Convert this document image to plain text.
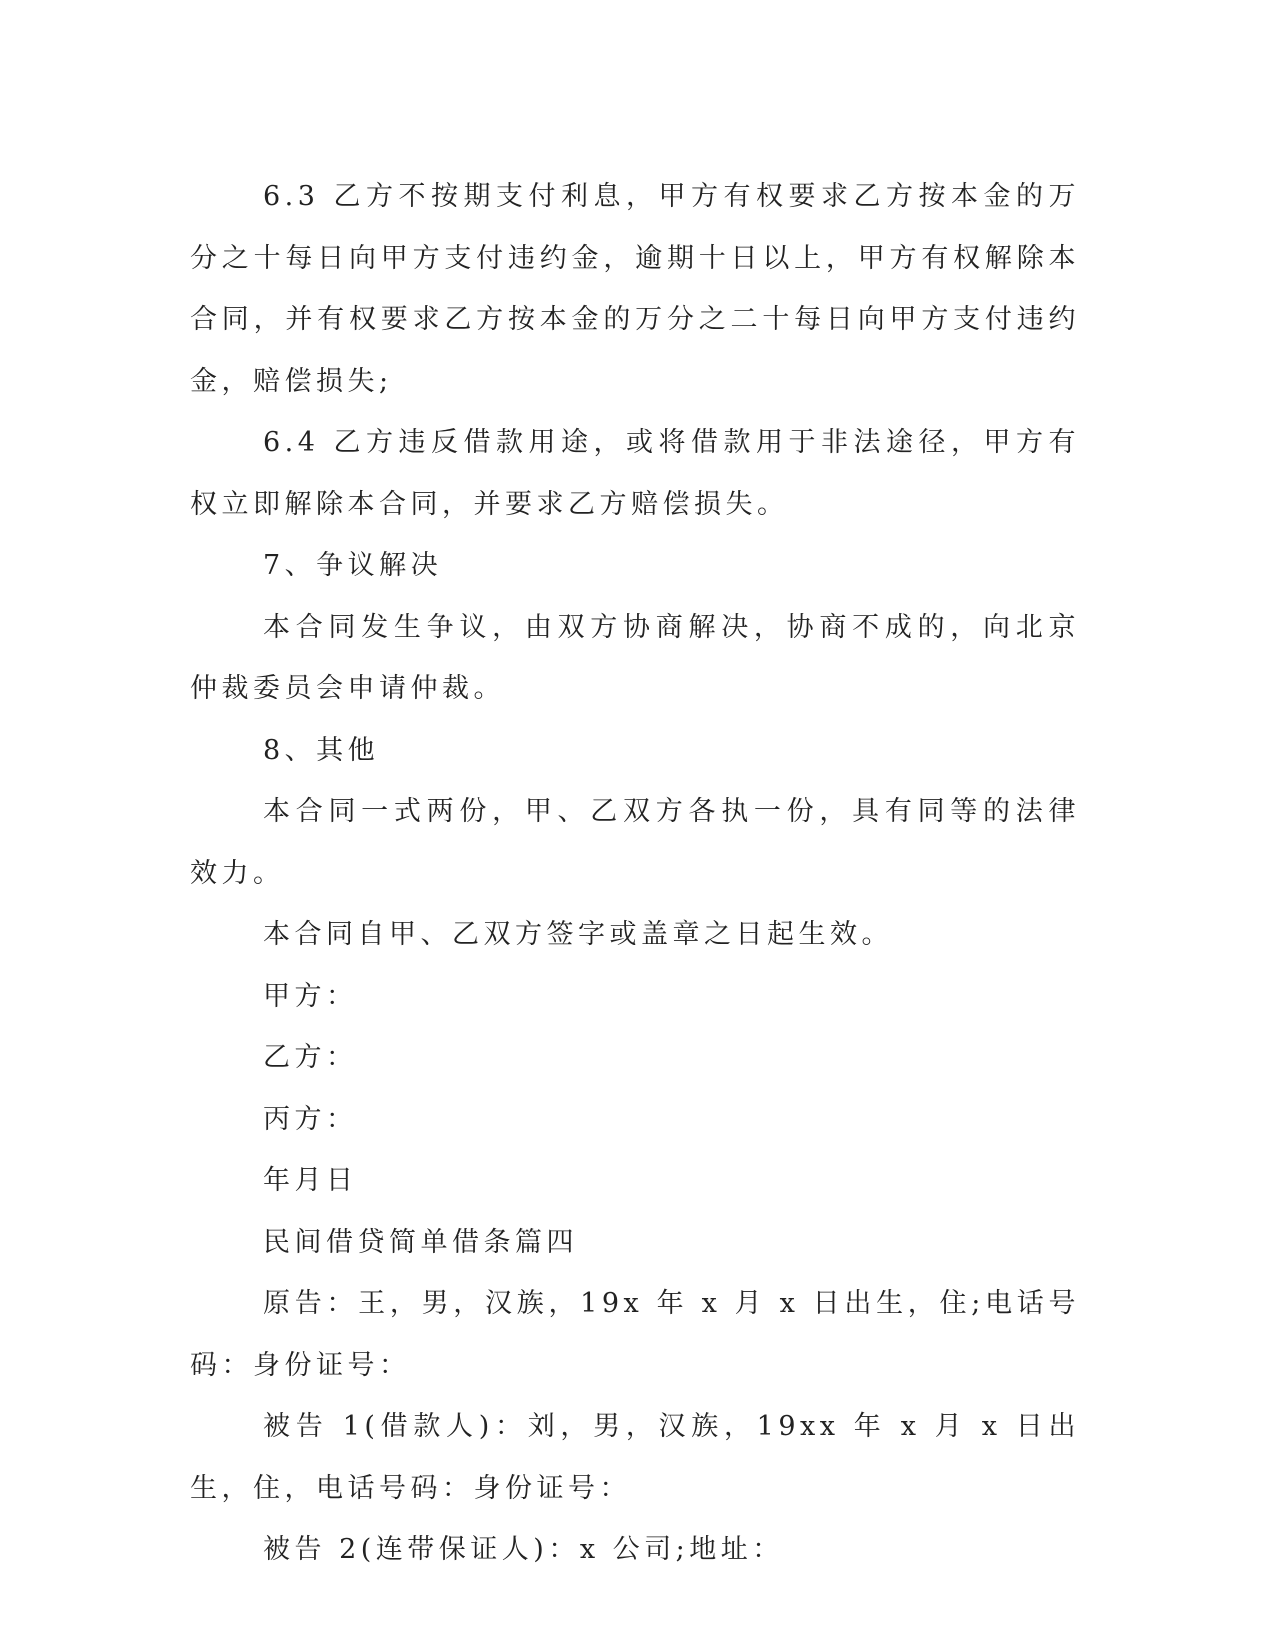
6.3 乙方不按期支付利息，甲方有权要求乙方按本金的万分之十每日向甲方支付违约金，逾期十日以上，甲方有权解除本合同，并有权要求乙方按本金的万分之二十每日向甲方支付违约金，赔偿损失;

6.4 乙方违反借款用途，或将借款用于非法途径，甲方有权立即解除本合同，并要求乙方赔偿损失。

7、争议解决

本合同发生争议，由双方协商解决，协商不成的，向北京仲裁委员会申请仲裁。

8、其他

本合同一式两份，甲、乙双方各执一份，具有同等的法律效力。

本合同自甲、乙双方签字或盖章之日起生效。

甲方：

乙方：

丙方：

年月日

民间借贷简单借条篇四

原告：王，男，汉族，19x 年 x 月 x 日出生，住;电话号码：身份证号：

被告 1(借款人)：刘，男，汉族，19xx 年 x 月 x 日出生，住，电话号码：身份证号：

被告 2(连带保证人)：x 公司;地址：
